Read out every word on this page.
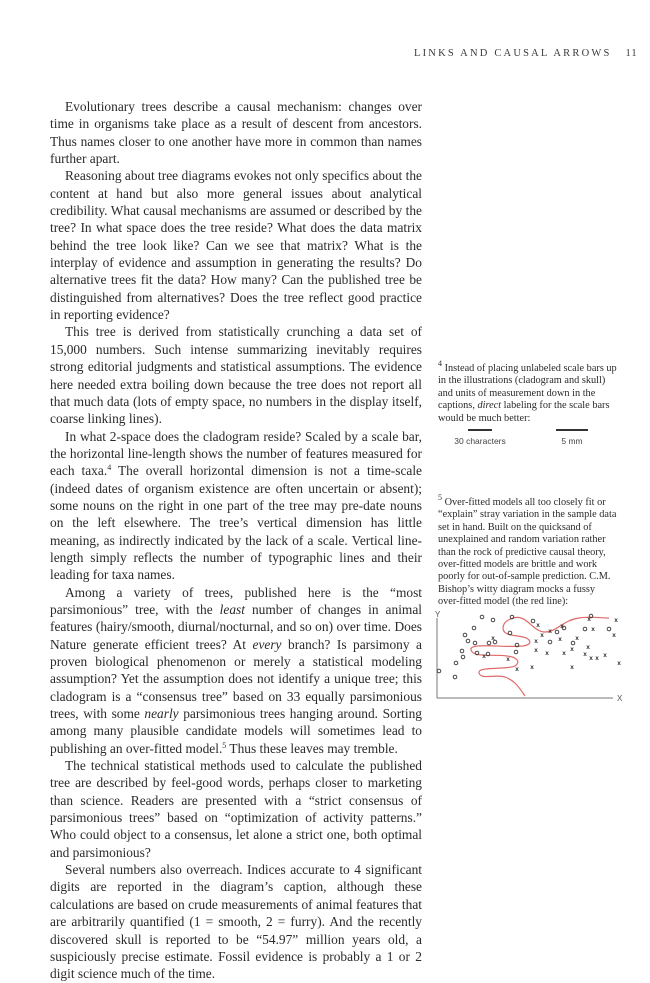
LINKS AND CAUSAL ARROWS 11

Evolutionary trees describe a causal mechanism: changes over time in organisms take place as a result of descent from ancestors. Thus names closer to one another have more in common than names further apart.

Reasoning about tree diagrams evokes not only specifics about the content at hand but also more general issues about analytical credibility. What causal mechanisms are assumed or described by the tree? In what space does the tree reside? What does the data matrix behind the tree look like? Can we see that matrix? What is the interplay of evidence and assumption in generating the results? Do alternative trees fit the data? How many? Can the published tree be distinguished from alternatives? Does the tree reflect good practice in reporting evidence?

This tree is derived from statistically crunching a data set of 15,000 numbers. Such intense summarizing inevitably requires strong editorial judgments and statistical assumptions. The evidence here needed extra boiling down because the tree does not report all that much data (lots of empty space, no numbers in the display itself, coarse linking lines).

In what 2-space does the cladogram reside? Scaled by a scale bar, the horizontal line-length shows the number of features measured for each taxa.$^4$ The overall horizontal dimension is not a time-scale (indeed dates of organism existence are often uncertain or absent); some nouns on the right in one part of the tree may pre-date nouns on the left elsewhere. The tree’s vertical dimension has little meaning, as indirectly indicated by the lack of a scale. Vertical line-length simply reflects the number of typographic lines and their leading for taxa names.

Among a variety of trees, published here is the “most parsimonious” tree, with the least number of changes in animal features (hairy/smooth, diurnal/nocturnal, and so on) over time. Does Nature generate efficient trees? At every branch? Is parsimony a proven biological phenomenon or merely a statistical modeling assumption? Yet the assumption does not identify a unique tree; this cladogram is a “consensus tree” based on 33 equally parsimonious trees, with some nearly parsimonious trees hanging around. Sorting among many plausible candidate models will sometimes lead to publishing an over-fitted model.$^5$ Thus these leaves may tremble.

The technical statistical methods used to calculate the published tree are described by feel-good words, perhaps closer to marketing than science. Readers are presented with a “strict consensus of parsimonious trees” based on “optimization of activity patterns.” Who could object to a consensus, let alone a strict one, both optimal and parsimonious?

Several numbers also overreach. Indices accurate to 4 significant digits are reported in the diagram’s caption, although these calculations are based on crude measurements of animal features that are arbitrarily quantified (1 = smooth, 2 = furry). And the recently discovered skull is reported to be “54.97” million years old, a suspiciously precise estimate. Fossil evidence is probably a 1 or 2 digit science much of the time.

$^4$ Instead of placing unlabeled scale bars up in the illustrations (cladogram and skull) and units of measurement down in the captions, direct labeling for the scale bars would be much better:

30 characters	5 mm

$^5$ Over-fitted models all too closely fit or “explain” stray variation in the sample data set in hand. Built on the quicksand of unexplained and random variation rather than the rock of predictive causal theory, over-fitted models are brittle and work poorly for out-of-sample prediction. C.M. Bishop’s witty diagram mocks a fussy over-fitted model (the red line):

Y
X
x
x
x
x
x
x
x
x
x
x
x
x x x
x
x
x
x
x
x
x
x
x
x
x
x	x
